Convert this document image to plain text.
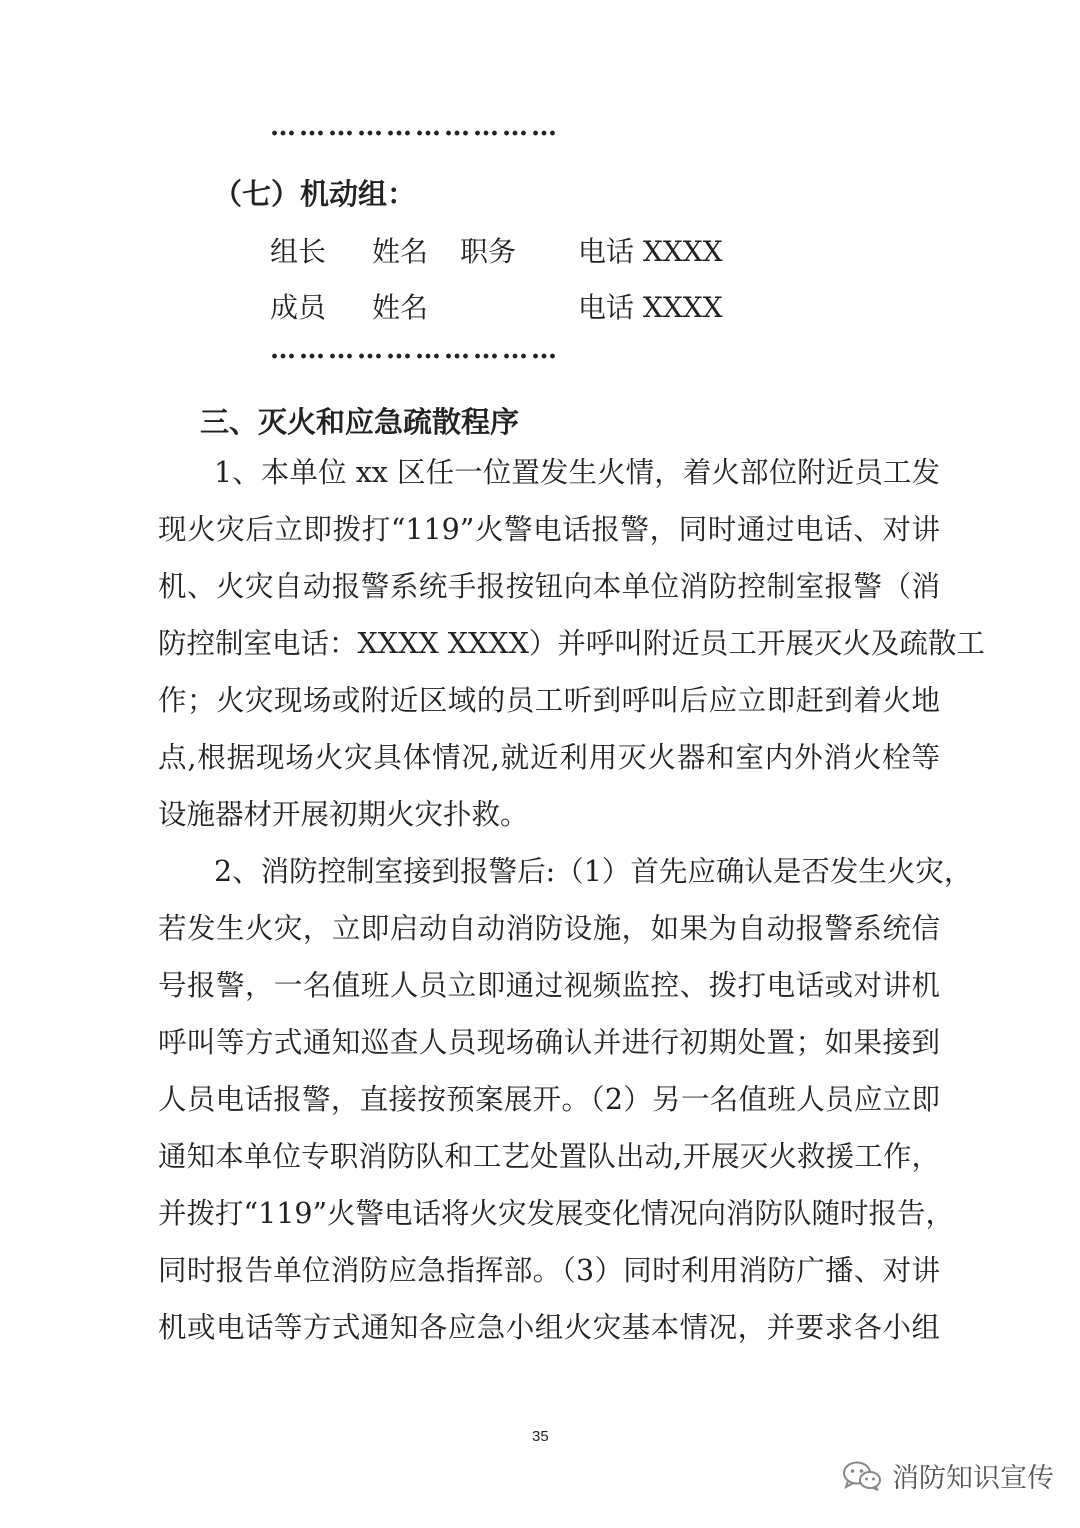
…………………………
（七）机动组：
组长 姓名 职务 电话 XXXX
成员 姓名	电话 XXXX
…………………………
三、灭火和应急疏散程序
1、本单位 xx 区任一位置发生火情，着火部位附近员工发
现火灾后立即拨打“119”火警电话报警，同时通过电话、对讲
机、火灾自动报警系统手报按钮向本单位消防控制室报警（消
防控制室电话：XXXX XXXX）并呼叫附近员工开展灭火及疏散工
作；火灾现场或附近区域的员工听到呼叫后应立即赶到着火地
点,根据现场火灾具体情况,就近利用灭火器和室内外消火栓等
设施器材开展初期火灾扑救。
2、消防控制室接到报警后:（1）首先应确认是否发生火灾，
若发生火灾，立即启动自动消防设施，如果为自动报警系统信
号报警，一名值班人员立即通过视频监控、拨打电话或对讲机
呼叫等方式通知巡查人员现场确认并进行初期处置；如果接到
人员电话报警，直接按预案展开。（2）另一名值班人员应立即
通知本单位专职消防队和工艺处置队出动,开展灭火救援工作，
并拨打“119”火警电话将火灾发展变化情况向消防队随时报告，
同时报告单位消防应急指挥部。（3）同时利用消防广播、对讲
机或电话等方式通知各应急小组火灾基本情况，并要求各小组
35
消防知识宣传
